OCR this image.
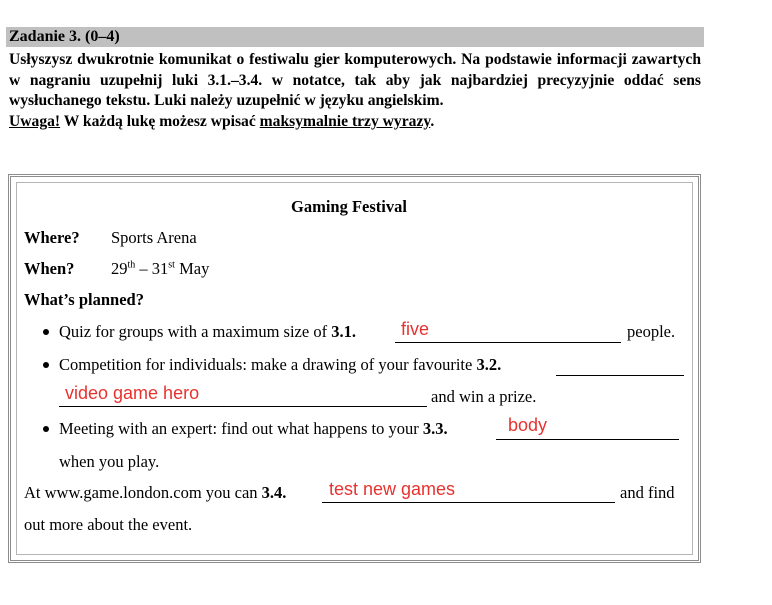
Zadanie 3. (0–4)
Usłyszysz dwukrotnie komunikat o festiwalu gier komputerowych. Na podstawie informacji zawartych w nagraniu uzupełnij luki 3.1.–3.4. w notatce, tak aby jak najbardziej precyzyjnie oddać sens wysłuchanego tekstu. Luki należy uzupełnić w języku angielskim.
Uwaga! W każdą lukę możesz wpisać maksymalnie trzy wyrazy.
Gaming Festival
Where? Sports Arena
When? 29th – 31st May
What’s planned?
Quiz for groups with a maximum size of 3.1.	five	people.
Competition for individuals: make a drawing of your favourite 3.2.
video game hero	and win a prize.
Meeting with an expert: find out what happens to your 3.3.	body
when you play.
At www.game.london.com you can 3.4. test new games	and find
out more about the event.
